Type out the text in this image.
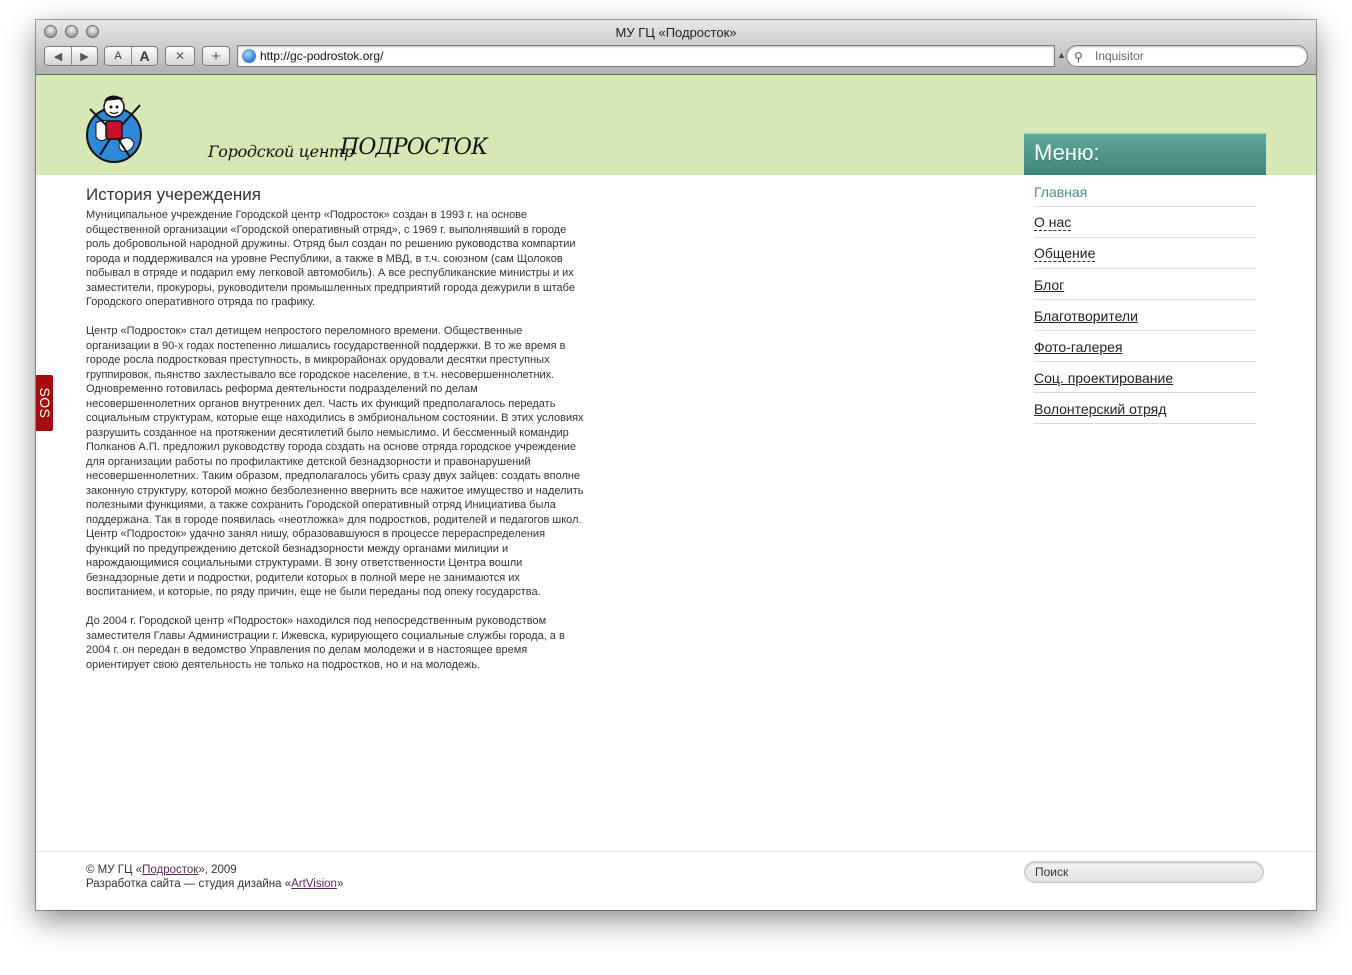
МУ ГЦ «Подросток»
◀ ▶	A	A	✕	+	http://gc-podrostok.org/	▲ ⚲ Inquisitor
Городской центр
ПОДРОСТОК	Меню:
Главная
О нас
Общение
Блог
Благотворители
Фото-галерея
Соц. проектирование
Волонтерский отряд
История учереждения

Муниципальное учреждение Городской центр «Подросток» создан в 1993 г. на основе общественной организации «Городской оперативный отряд», с 1969 г. выполнявший в городе роль добровольной народной дружины. Отряд был создан по решению руководства компартии города и поддерживался на уровне Республики, а также в МВД, в т.ч. союзном (сам Щолоков побывал в отряде и подарил ему легковой автомобиль). А все республиканские министры и их заместители, прокуроры, руководители промышленных предприятий города дежурили в штабе Городского оперативного отряда по графику.

Центр «Подросток» стал детищем непростого переломного времени. Общественные организации в 90-х годах постепенно лишались государственной поддержки. В то же время в городе росла подростковая преступность, в микрорайонах орудовали десятки преступных группировок, пьянство захлестывало все городское население, в т.ч. несовершеннолетних. Одновременно готовилась реформа деятельности подразделений по делам несовершеннолетних органов внутренних дел. Часть их функций предполагалось передать социальным структурам, которые еще находились в эмбриональном состоянии. В этих условиях разрушить созданное на протяжении десятилетий было немыслимо. И бессменный командир Полканов А.П. предложил руководству города создать на основе отряда городское учреждение для организации работы по профилактике детской безнадзорности и правонарушений несовершеннолетних. Таким образом, предполагалось убить сразу двух зайцев: создать вполне законную структуру, которой можно безболезненно ввернить все нажитое имущество и наделить полезными функциями, а также сохранить Городской оперативный отряд Инициатива была поддержана. Так в городе появилась «неотложка» для подростков, родителей и педагогов школ. Центр «Подросток» удачно занял нишу, образовавшуюся в процессе перераспределения функций по предупреждению детской безнадзорности между органами милиции и нарождающимися социальными структурами. В зону ответственности Центра вошли безнадзорные дети и подростки, родители которых в полной мере не занимаются их воспитанием, и которые, по ряду причин, еще не были переданы под опеку государства.

До 2004 г. Городской центр «Подросток» находился под непосредственным руководством заместителя Главы Администрации г. Ижевска, курирующего социальные службы города, а в 2004 г. он передан в ведомство Управления по делам молодежи и в настоящее время ориентирует свою деятельность не только на подростков, но и на молодежь.

SOS
© МУ ГЦ «Подросток», 2009
Разработка сайта — студия дизайна «ArtVision»
Поиск
